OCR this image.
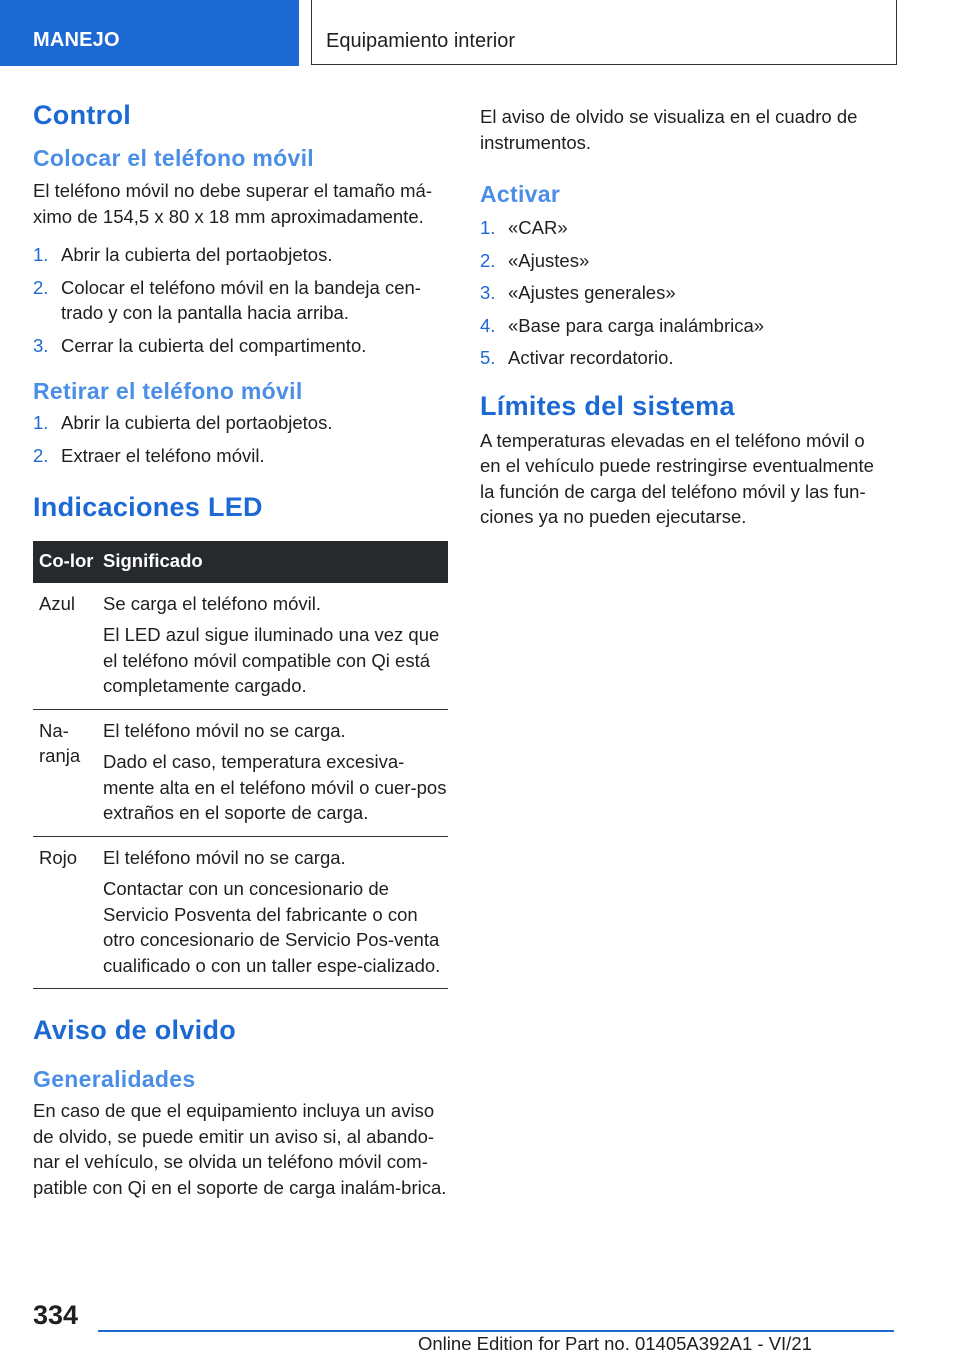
MANEJO	Equipamiento interior
Control
Colocar el teléfono móvil

El teléfono móvil no debe superar el tamaño má-ximo de 154,5 x 80 x 18 mm aproximadamente.

1. Abrir la cubierta del portaobjetos.
2. Colocar el teléfono móvil en la bandeja cen-trado y con la pantalla hacia arriba.
3. Cerrar la cubierta del compartimento.
Retirar el teléfono móvil
1. Abrir la cubierta del portaobjetos.
2. Extraer el teléfono móvil.
Indicaciones LED
Co-lor	Significado
Azul	Se carga el teléfono móvil.

El LED azul sigue iluminado una vez que el teléfono móvil compatible con Qi está completamente cargado.

Na-ranja	El teléfono móvil no se carga.

Dado el caso, temperatura excesiva-mente alta en el teléfono móvil o cuer-pos extraños en el soporte de carga.

Rojo	El teléfono móvil no se carga.

Contactar con un concesionario de Servicio Posventa del fabricante o con otro concesionario de Servicio Pos-venta cualificado o con un taller espe-cializado.

Aviso de olvido
Generalidades

En caso de que el equipamiento incluya un aviso de olvido, se puede emitir un aviso si, al abando-nar el vehículo, se olvida un teléfono móvil com-patible con Qi en el soporte de carga inalám-brica.

El aviso de olvido se visualiza en el cuadro de instrumentos.

Activar
1. «CAR»
2. «Ajustes»
3. «Ajustes generales»
4. «Base para carga inalámbrica»
5. Activar recordatorio.
Límites del sistema

A temperaturas elevadas en el teléfono móvil o en el vehículo puede restringirse eventualmente la función de carga del teléfono móvil y las fun-ciones ya no pueden ejecutarse.

334
Online Edition for Part no. 01405A392A1 - VI/21
